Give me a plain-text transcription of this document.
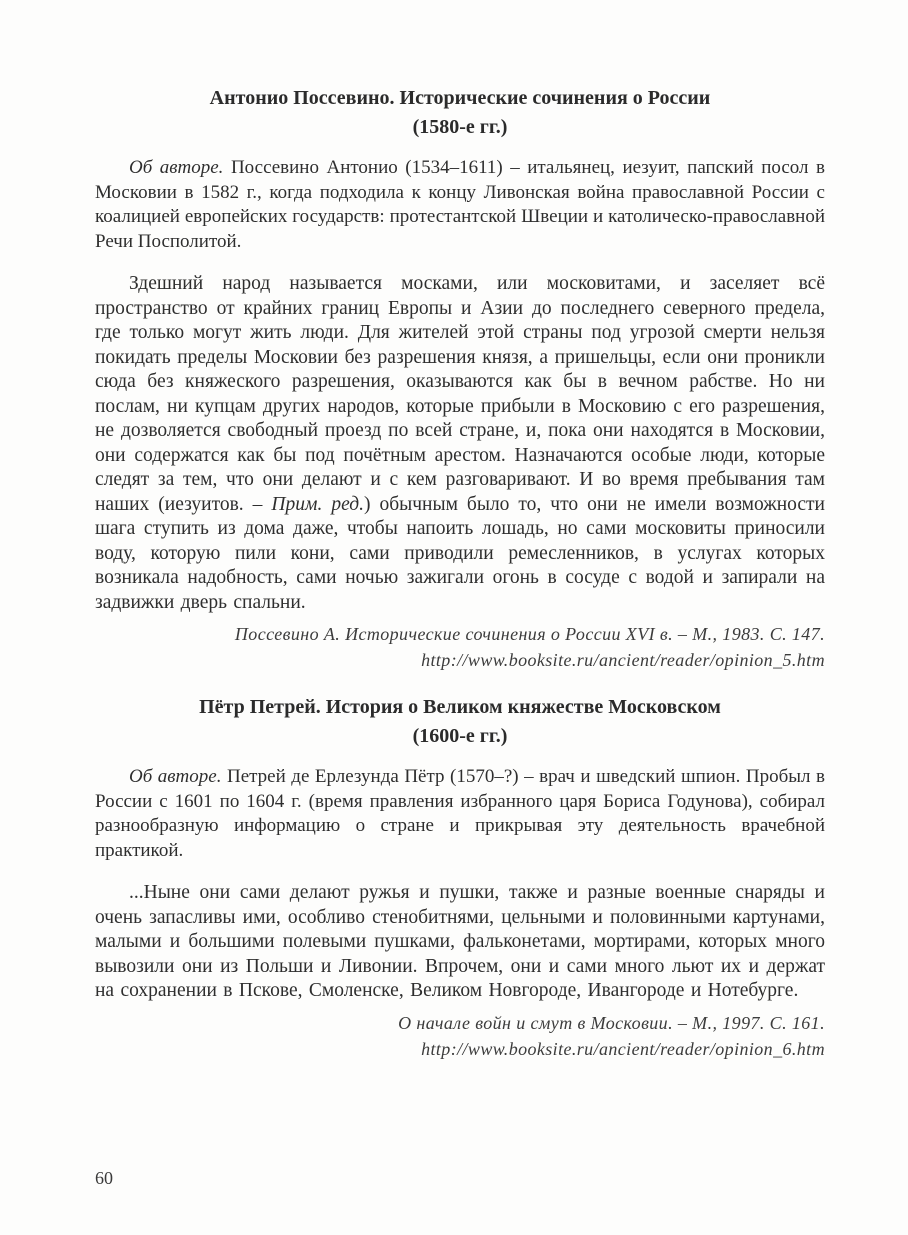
Антонио Поссевино. Исторические сочинения о России
(1580-е гг.)

Об авторе. Поссевино Антонио (1534–1611) – итальянец, иезуит, папский посол в Московии в 1582 г., когда подходила к концу Ливонская война православной России с коалицией европейских государств: протестантской Швеции и католическо-православной Речи Посполитой.

Здешний народ называется москами, или московитами, и заселяет всё пространство от крайних границ Европы и Азии до последнего северного предела, где только могут жить люди. Для жителей этой страны под угрозой смерти нельзя покидать пределы Московии без разрешения князя, а пришельцы, если они проникли сюда без княжеского разрешения, оказываются как бы в вечном рабстве. Но ни послам, ни купцам других народов, которые прибыли в Московию с его разрешения, не дозволяется свободный проезд по всей стране, и, пока они находятся в Московии, они содержатся как бы под почётным арестом. Назначаются особые люди, которые следят за тем, что они делают и с кем разговаривают. И во время пребывания там наших (иезуитов. – Прим. ред.) обычным было то, что они не имели возможности шага ступить из дома даже, чтобы напоить лошадь, но сами московиты приносили воду, которую пили кони, сами приводили ремесленников, в услугах которых возникала надобность, сами ночью зажигали огонь в сосуде с водой и запирали на задвижки дверь спальни.

Поссевино А. Исторические сочинения о России XVI в. – М., 1983. С. 147.
http://www.booksite.ru/ancient/reader/opinion_5.htm

Пётр Петрей. История о Великом княжестве Московском
(1600-е гг.)

Об авторе. Петрей де Ерлезунда Пётр (1570–?) – врач и шведский шпион. Пробыл в России с 1601 по 1604 г. (время правления избранного царя Бориса Годунова), собирал разнообразную информацию о стране и прикрывая эту деятельность врачебной практикой.

...Ныне они сами делают ружья и пушки, также и разные военные снаряды и очень запасливы ими, особливо стенобитнями, цельными и половинными картунами, малыми и большими полевыми пушками, фальконетами, мортирами, которых много вывозили они из Польши и Ливонии. Впрочем, они и сами много льют их и держат на сохранении в Пскове, Смоленске, Великом Новгороде, Ивангороде и Нотебурге.

О начале войн и смут в Московии. – М., 1997. С. 161.
http://www.booksite.ru/ancient/reader/opinion_6.htm

60
